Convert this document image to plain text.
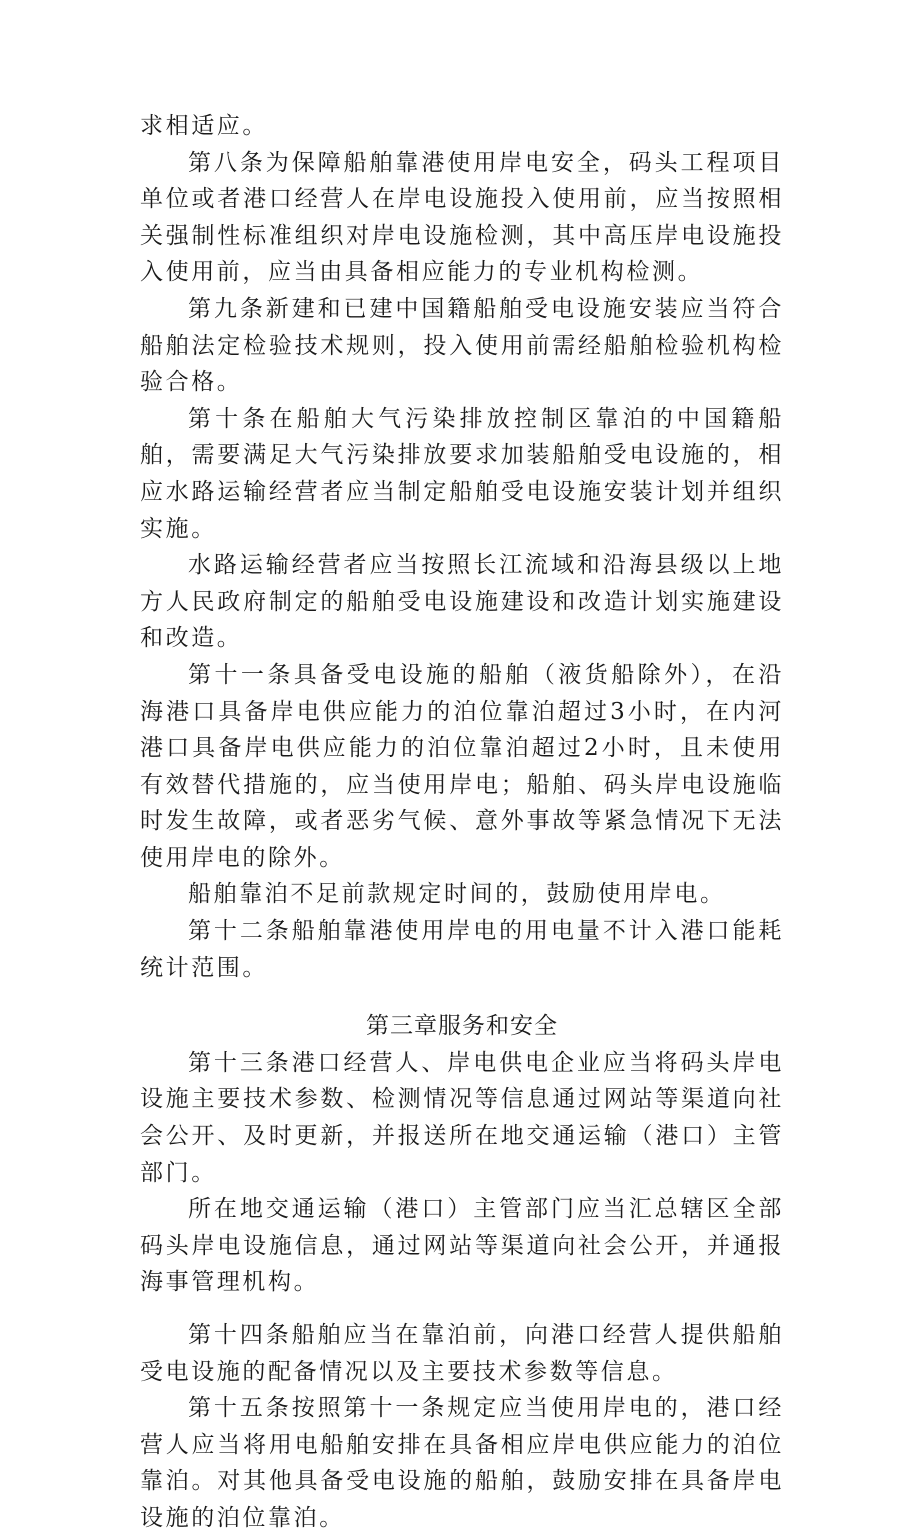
求相适应。

第八条为保障船舶靠港使用岸电安全，码头工程项目单位或者港口经营人在岸电设施投入使用前，应当按照相关强制性标准组织对岸电设施检测，其中高压岸电设施投入使用前，应当由具备相应能力的专业机构检测。

第九条新建和已建中国籍船舶受电设施安装应当符合船舶法定检验技术规则，投入使用前需经船舶检验机构检验合格。

第十条在船舶大气污染排放控制区靠泊的中国籍船舶，需要满足大气污染排放要求加装船舶受电设施的，相应水路运输经营者应当制定船舶受电设施安装计划并组织实施。

水路运输经营者应当按照长江流域和沿海县级以上地方人民政府制定的船舶受电设施建设和改造计划实施建设和改造。

第十一条具备受电设施的船舶（液货船除外），在沿海港口具备岸电供应能力的泊位靠泊超过3小时，在内河港口具备岸电供应能力的泊位靠泊超过2小时，且未使用有效替代措施的，应当使用岸电；船舶、码头岸电设施临时发生故障，或者恶劣气候、意外事故等紧急情况下无法使用岸电的除外。

船舶靠泊不足前款规定时间的，鼓励使用岸电。

第十二条船舶靠港使用岸电的用电量不计入港口能耗统计范围。

第三章服务和安全

第十三条港口经营人、岸电供电企业应当将码头岸电设施主要技术参数、检测情况等信息通过网站等渠道向社会公开、及时更新，并报送所在地交通运输（港口）主管部门。

所在地交通运输（港口）主管部门应当汇总辖区全部码头岸电设施信息，通过网站等渠道向社会公开，并通报海事管理机构。

第十四条船舶应当在靠泊前，向港口经营人提供船舶受电设施的配备情况以及主要技术参数等信息。

第十五条按照第十一条规定应当使用岸电的，港口经营人应当将用电船舶安排在具备相应岸电供应能力的泊位靠泊。对其他具备受电设施的船舶，鼓励安排在具备岸电设施的泊位靠泊。
